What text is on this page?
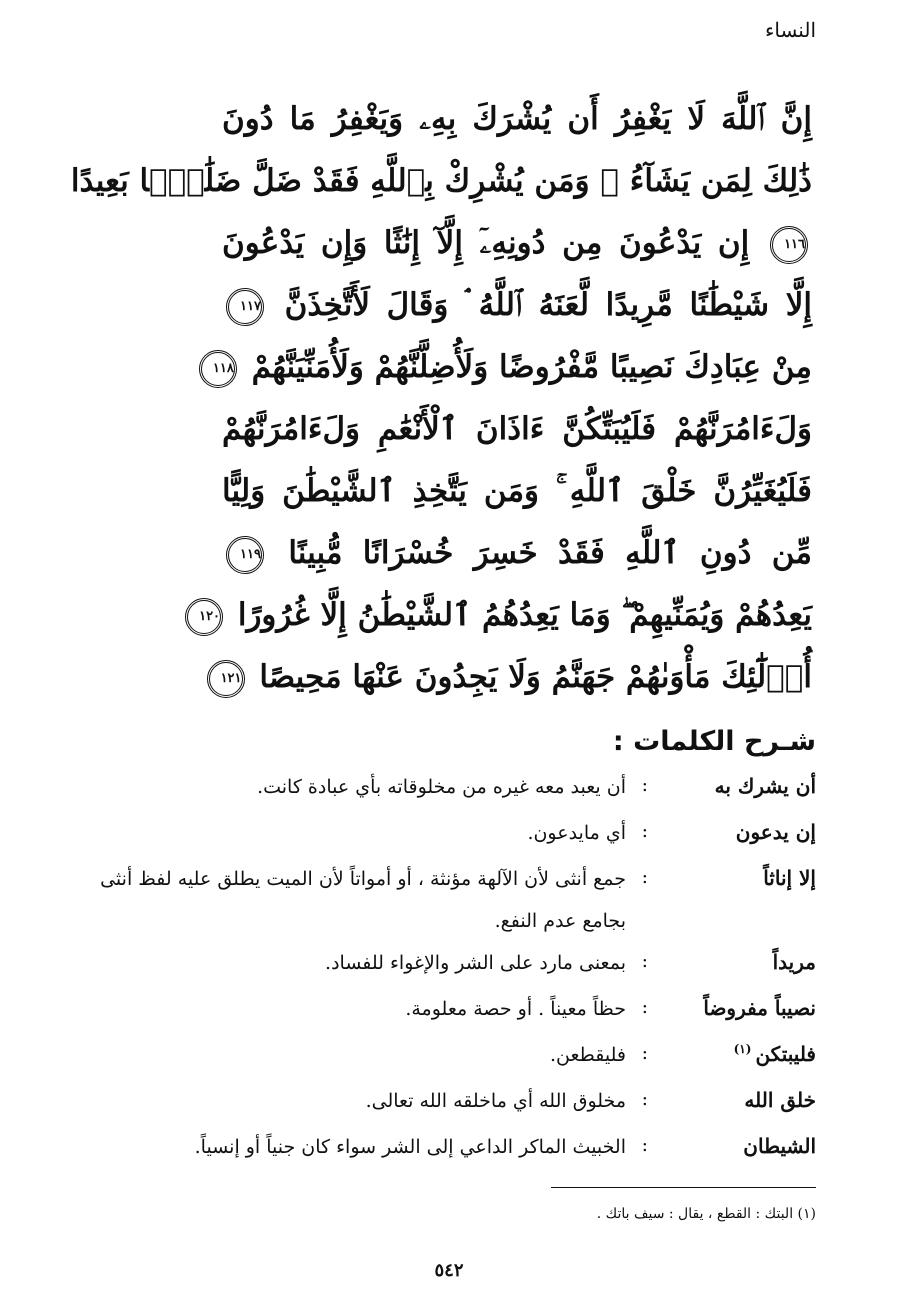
النساء
إِنَّ ٱللَّهَ لَا يَغْفِرُ أَن يُشْرَكَ بِهِۦ وَيَغْفِرُ مَا دُونَ
ذَٰلِكَ لِمَن يَشَآءُ ۚ وَمَن يُشْرِكْ بِٱللَّهِ فَقَدْ ضَلَّ ضَلَٰلًۢا بَعِيدًا
١١٦ إِن يَدْعُونَ مِن دُونِهِۦٓ إِلَّآ إِنَٰثًا وَإِن يَدْعُونَ
إِلَّا شَيْطَٰنًا مَّرِيدًا لَّعَنَهُ ٱللَّهُ ۘ وَقَالَ لَأَتَّخِذَنَّ ١١٧
مِنْ عِبَادِكَ نَصِيبًا مَّفْرُوضًا وَلَأُضِلَّنَّهُمْ وَلَأُمَنِّيَنَّهُمْ ١١٨
وَلَءَامُرَنَّهُمْ فَلَيُبَتِّكُنَّ ءَاذَانَ ٱلْأَنْعَٰمِ وَلَءَامُرَنَّهُمْ
فَلَيُغَيِّرُنَّ خَلْقَ ٱللَّهِ ۚ وَمَن يَتَّخِذِ ٱلشَّيْطَٰنَ وَلِيًّا
مِّن دُونِ ٱللَّهِ فَقَدْ خَسِرَ خُسْرَانًا مُّبِينًا ١١٩
يَعِدُهُمْ وَيُمَنِّيهِمْ ۖ وَمَا يَعِدُهُمُ ٱلشَّيْطَٰنُ إِلَّا غُرُورًا ١٢٠
أُو۟لَٰٓئِكَ مَأْوَىٰهُمْ جَهَنَّمُ وَلَا يَجِدُونَ عَنْهَا مَحِيصًا ١٢١
شـرح الكلمات :
أن يشرك به
:
أن يعبد معه غيره من مخلوقاته بأي عبادة كانت.
إن يدعون
:
أي مايدعون.
إلا إناثاً
:
جمع أنثى لأن الآلهة مؤنثة ، أو أمواتاً لأن الميت يطلق عليه لفظ أنثى بجامع عدم النفع.
مريداً
:
بمعنى مارد على الشر والإغواء للفساد.
نصيباً مفروضاً
:
حظاً معيناً . أو حصة معلومة.
فليبتكن$^{(١)}$
:
فليقطعن.
خلق الله
:
مخلوق الله أي ماخلقه الله تعالى.
الشيطان
:
الخبيث الماكر الداعي إلى الشر سواء كان جنياً أو إنسياً.
(١) البتك : القطع ، يقال : سيف باتك .
٥٤٢
